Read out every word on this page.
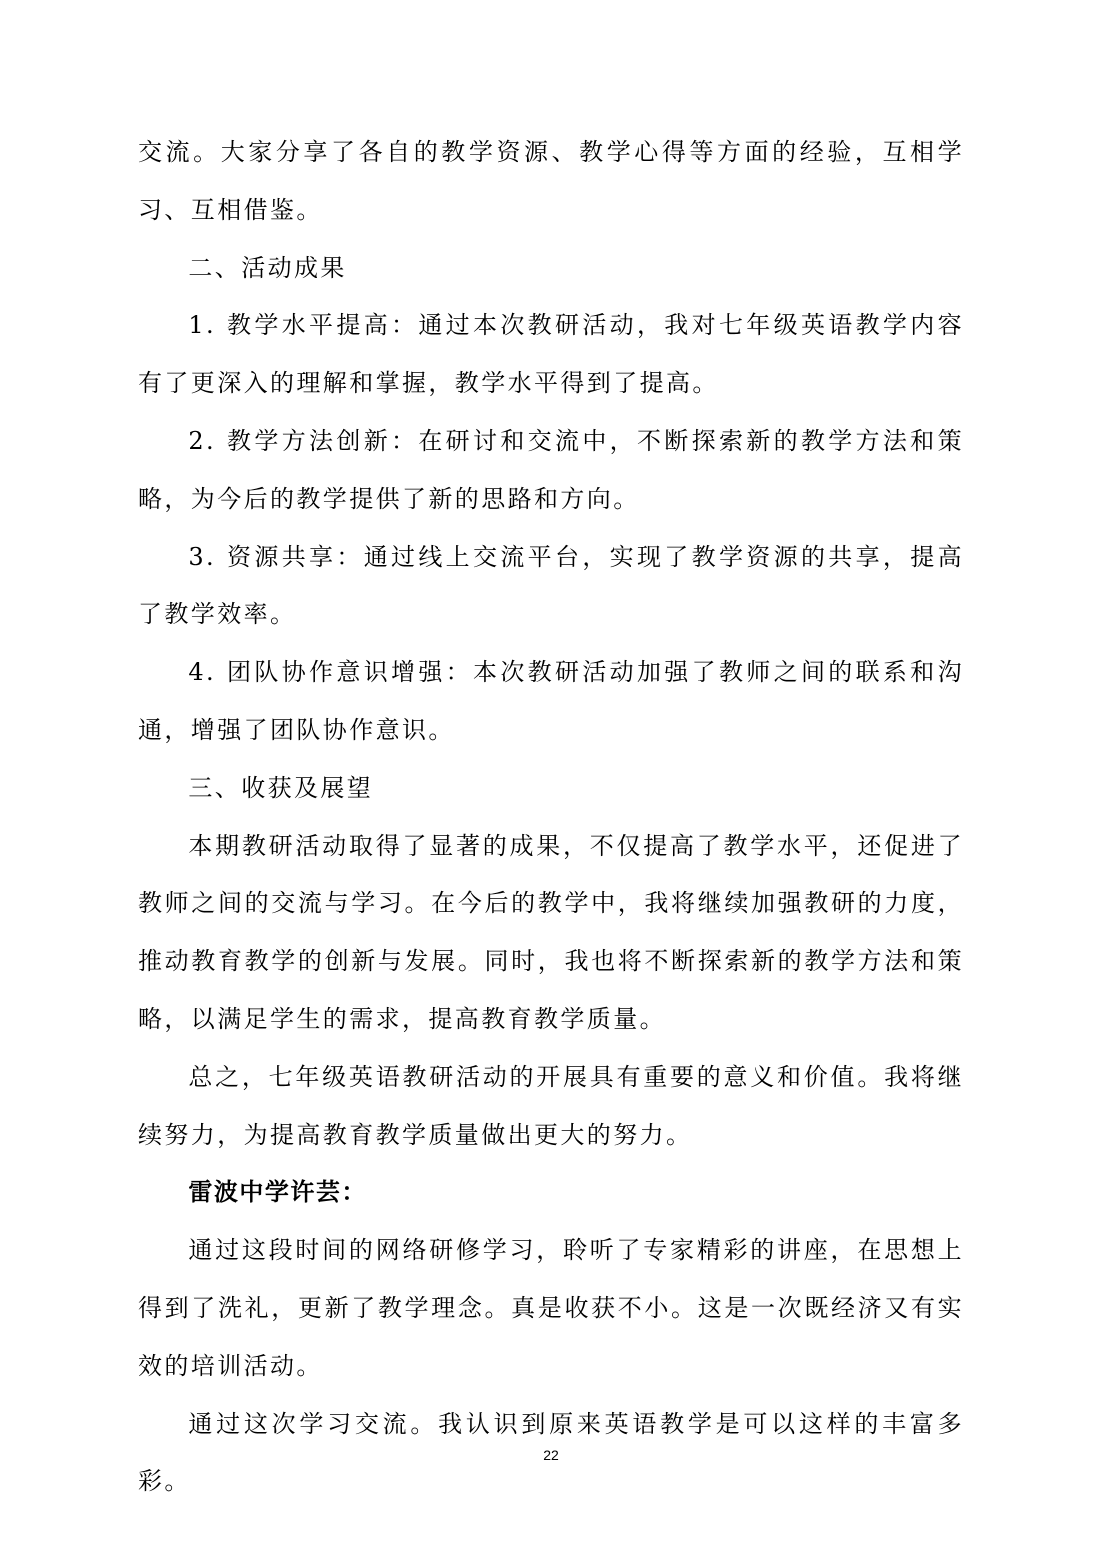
交流。大家分享了各自的教学资源、教学心得等方面的经验，互相学习、互相借鉴。

二、活动成果

1. 教学水平提高：通过本次教研活动，我对七年级英语教学内容有了更深入的理解和掌握，教学水平得到了提高。

2. 教学方法创新：在研讨和交流中，不断探索新的教学方法和策略，为今后的教学提供了新的思路和方向。

3. 资源共享：通过线上交流平台，实现了教学资源的共享，提高了教学效率。

4. 团队协作意识增强：本次教研活动加强了教师之间的联系和沟通，增强了团队协作意识。

三、收获及展望

本期教研活动取得了显著的成果，不仅提高了教学水平，还促进了教师之间的交流与学习。在今后的教学中，我将继续加强教研的力度，推动教育教学的创新与发展。同时，我也将不断探索新的教学方法和策略，以满足学生的需求，提高教育教学质量。

总之，七年级英语教研活动的开展具有重要的意义和价值。我将继续努力，为提高教育教学质量做出更大的努力。

雷波中学许芸：

通过这段时间的网络研修学习，聆听了专家精彩的讲座，在思想上得到了洗礼，更新了教学理念。真是收获不小。这是一次既经济又有实效的培训活动。

通过这次学习交流。我认识到原来英语教学是可以这样的丰富多彩。

22
